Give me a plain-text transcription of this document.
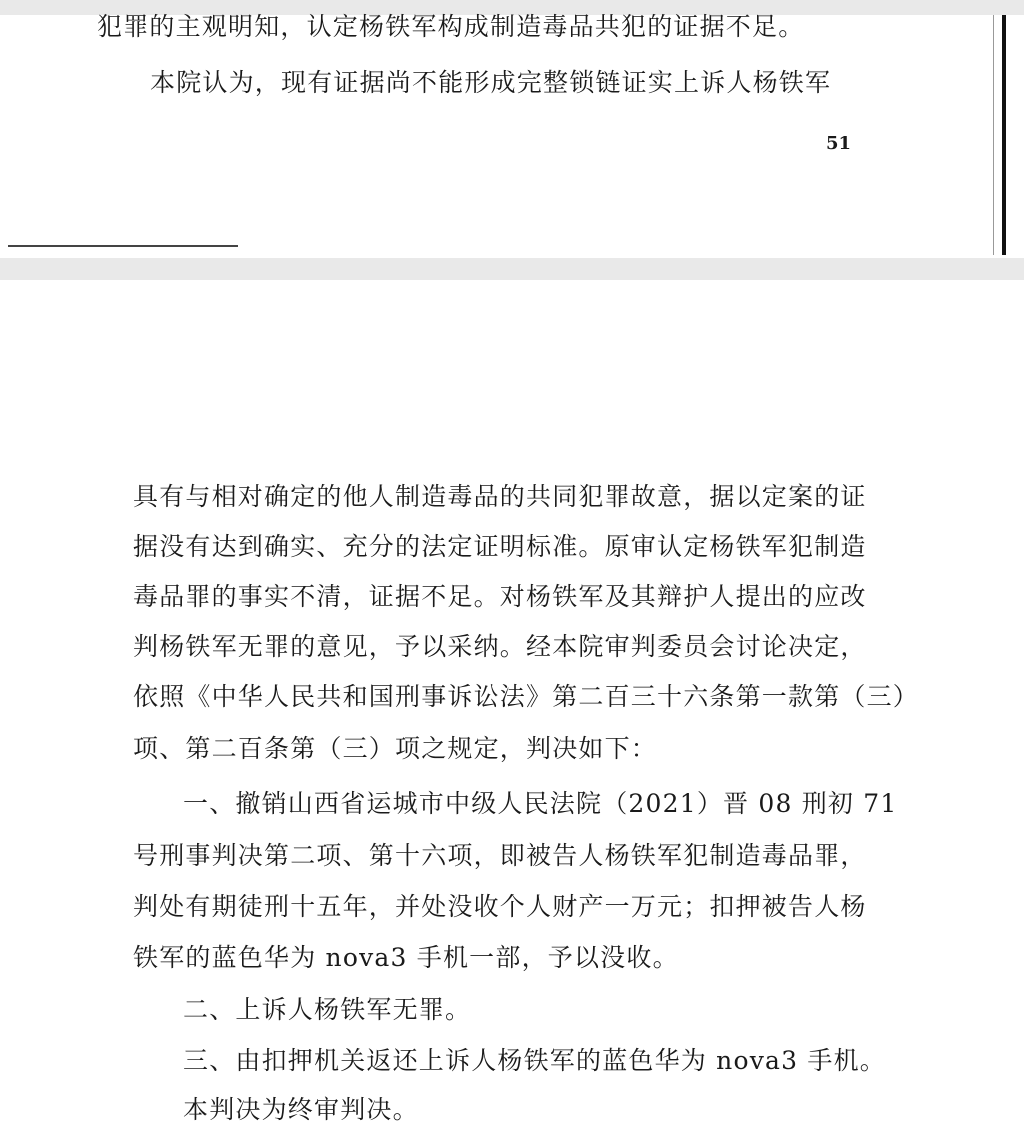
犯罪的主观明知，认定杨铁军构成制造毒品共犯的证据不足。
本院认为，现有证据尚不能形成完整锁链证实上诉人杨铁军
51
具有与相对确定的他人制造毒品的共同犯罪故意，据以定案的证
据没有达到确实、充分的法定证明标准。原审认定杨铁军犯制造
毒品罪的事实不清，证据不足。对杨铁军及其辩护人提出的应改
判杨铁军无罪的意见，予以采纳。经本院审判委员会讨论决定，
依照《中华人民共和国刑事诉讼法》第二百三十六条第一款第（三）
项、第二百条第（三）项之规定，判决如下：
一、撤销山西省运城市中级人民法院（2021）晋 08 刑初 71
号刑事判决第二项、第十六项，即被告人杨铁军犯制造毒品罪，
判处有期徒刑十五年，并处没收个人财产一万元；扣押被告人杨
铁军的蓝色华为 nova3 手机一部，予以没收。
二、上诉人杨铁军无罪。
三、由扣押机关返还上诉人杨铁军的蓝色华为 nova3 手机。
本判决为终审判决。
